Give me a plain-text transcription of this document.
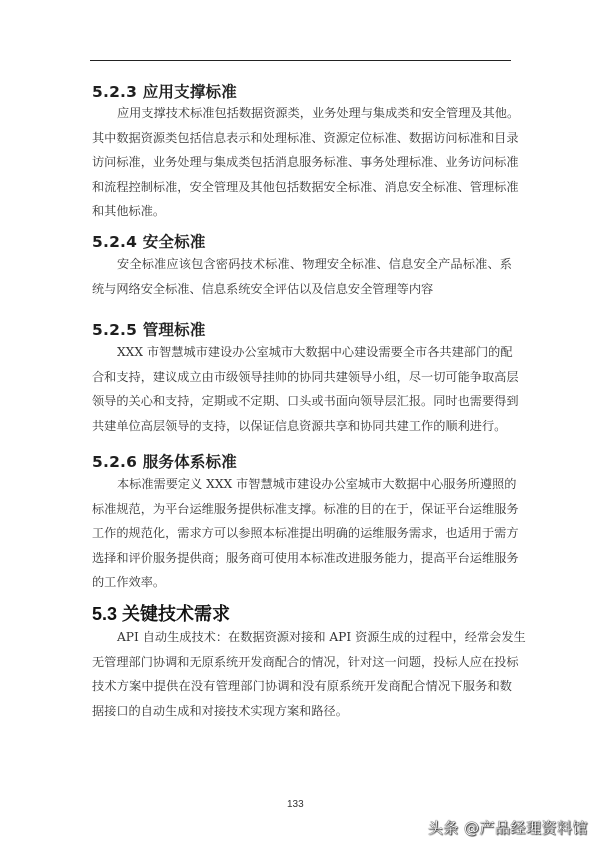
5.2.3 应用支撑标准
应用支撑技术标准包括数据资源类，业务处理与集成类和安全管理及其他。
其中数据资源类包括信息表示和处理标准、资源定位标准、数据访问标准和目录
访问标准，业务处理与集成类包括消息服务标准、事务处理标准、业务访问标准
和流程控制标准，安全管理及其他包括数据安全标准、消息安全标准、管理标准
和其他标准。
5.2.4 安全标准
安全标准应该包含密码技术标准、物理安全标准、信息安全产品标准、系
统与网络安全标准、信息系统安全评估以及信息安全管理等内容
5.2.5 管理标准
XXX 市智慧城市建设办公室城市大数据中心建设需要全市各共建部门的配
合和支持，建议成立由市级领导挂帅的协同共建领导小组，尽一切可能争取高层
领导的关心和支持，定期或不定期、口头或书面向领导层汇报。同时也需要得到
共建单位高层领导的支持，以保证信息资源共享和协同共建工作的顺利进行。
5.2.6 服务体系标准
本标准需要定义 XXX 市智慧城市建设办公室城市大数据中心服务所遵照的
标准规范，为平台运维服务提供标准支撑。标准的目的在于，保证平台运维服务
工作的规范化，需求方可以参照本标准提出明确的运维服务需求，也适用于需方
选择和评价服务提供商；服务商可使用本标准改进服务能力，提高平台运维服务
的工作效率。
5.3 关键技术需求
API 自动生成技术：在数据资源对接和 API 资源生成的过程中，经常会发生
无管理部门协调和无原系统开发商配合的情况，针对这一问题，投标人应在投标
技术方案中提供在没有管理部门协调和没有原系统开发商配合情况下服务和数
据接口的自动生成和对接技术实现方案和路径。
133
头条 @产品经理资料馆
